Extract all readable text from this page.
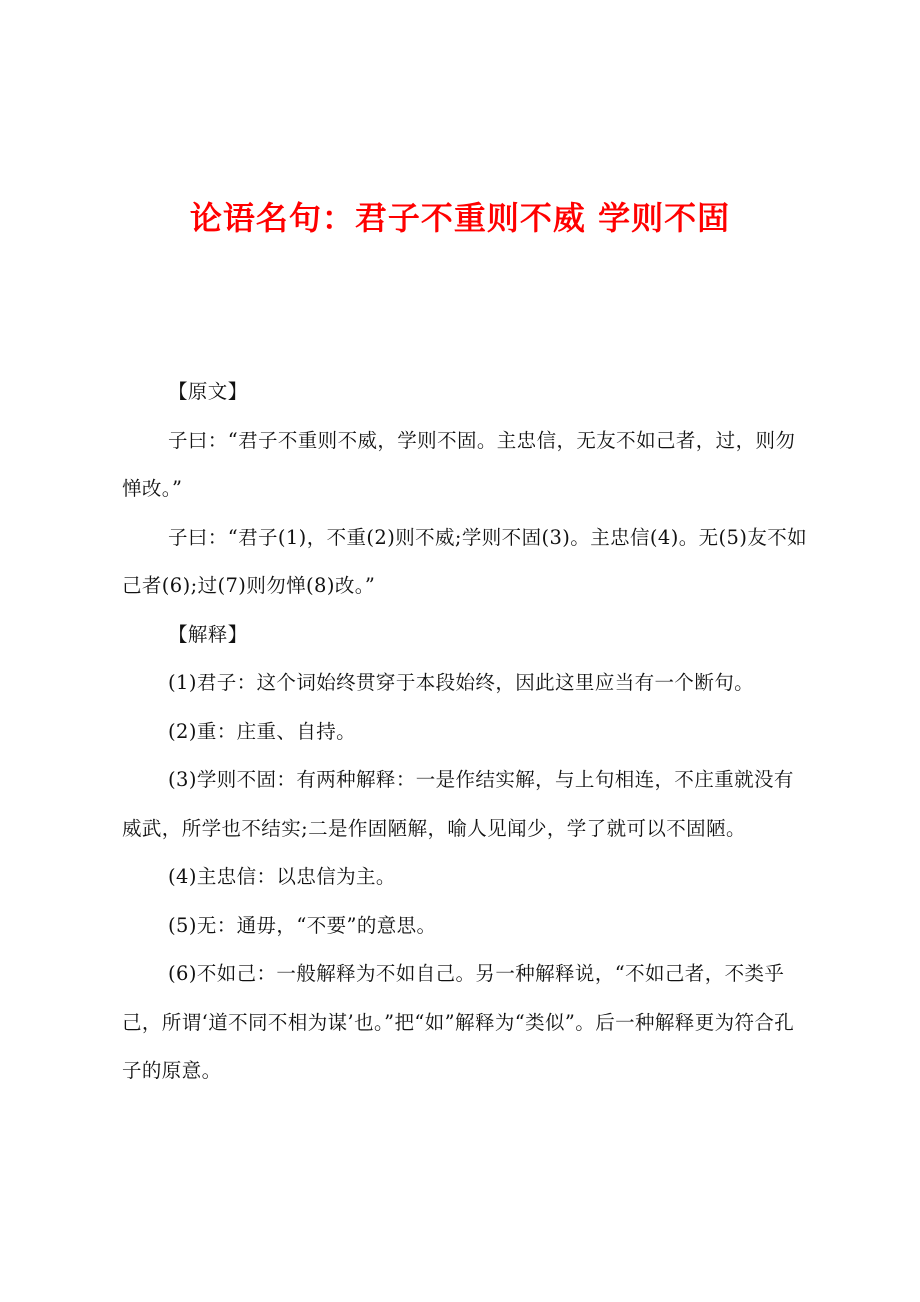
论语名句：君子不重则不威 学则不固

【原文】

子曰：“君子不重则不威，学则不固。主忠信，无友不如己者，过，则勿惮改。”

子曰：“君子(1)，不重(2)则不威;学则不固(3)。主忠信(4)。无(5)友不如己者(6);过(7)则勿惮(8)改。”

【解释】

(1)君子：这个词始终贯穿于本段始终，因此这里应当有一个断句。

(2)重：庄重、自持。

(3)学则不固：有两种解释：一是作结实解，与上句相连，不庄重就没有威武，所学也不结实;二是作固陋解，喻人见闻少，学了就可以不固陋。

(4)主忠信：以忠信为主。

(5)无：通毋，“不要”的意思。

(6)不如己：一般解释为不如自己。另一种解释说，“不如己者，不类乎己，所谓‘道不同不相为谋’也。”把“如”解释为“类似”。后一种解释更为符合孔子的原意。
